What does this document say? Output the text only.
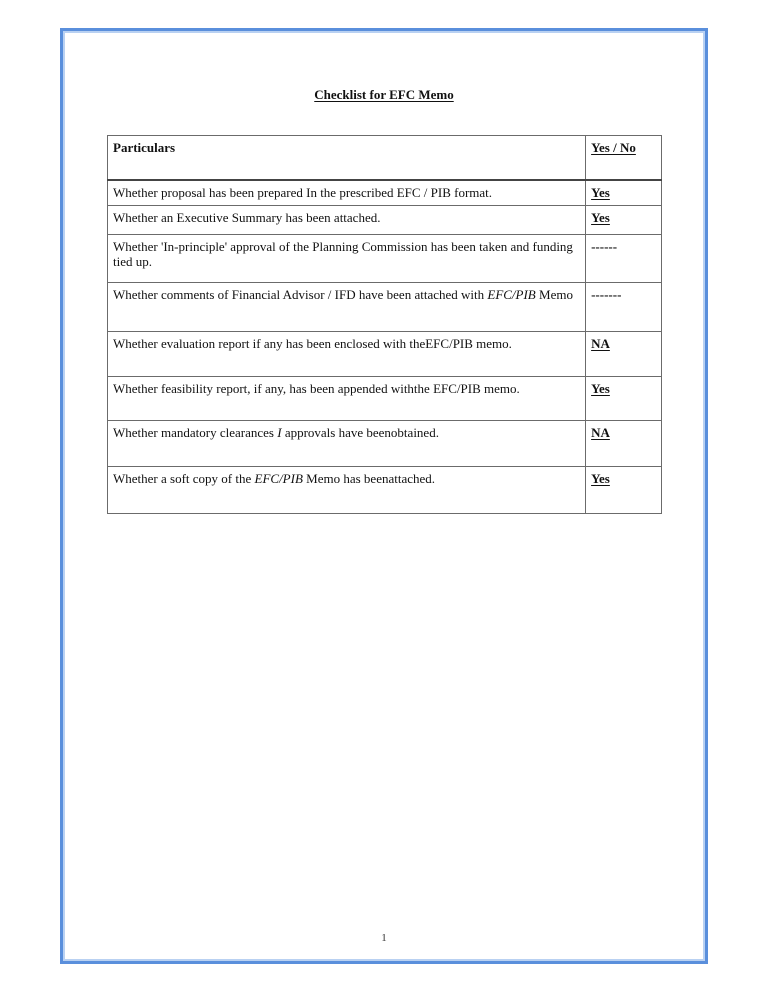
Checklist for EFC Memo
Particulars	Yes / No
Whether proposal has been prepared In the prescribed EFC / PIB format.	Yes
Whether an Executive Summary has been attached.	Yes
Whether 'In-principle' approval of the Planning Commission has been taken and funding tied up.	------
Whether comments of Financial Advisor / IFD have been attached with EFC/PIB Memo	-------
Whether evaluation report if any has been enclosed with theEFC/PIB memo.	NA
Whether feasibility report, if any, has been appended withthe EFC/PIB memo.	Yes
Whether mandatory clearances I approvals have beenobtained.	NA
Whether a soft copy of the EFC/PIB Memo has beenattached.	Yes
1
